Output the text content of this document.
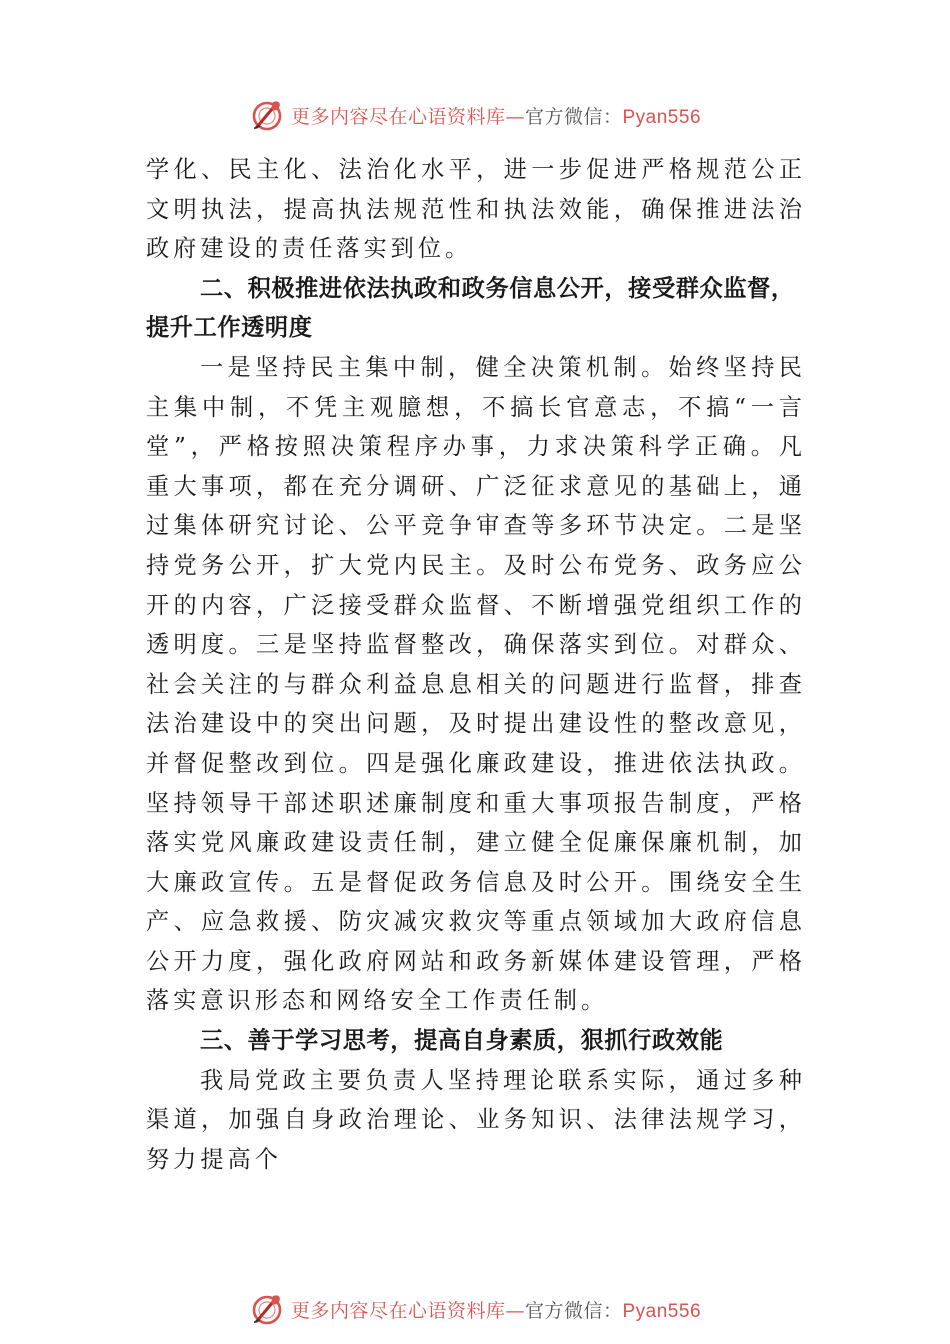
更多内容尽在心语资料库—官方微信：Pyan556

学化、民主化、法治化水平，进一步促进严格规范公正文明执法，提高执法规范性和执法效能，确保推进法治政府建设的责任落实到位。

二、积极推进依法执政和政务信息公开，接受群众监督，提升工作透明度

一是坚持民主集中制，健全决策机制。始终坚持民主集中制，不凭主观臆想，不搞长官意志，不搞“一言堂”，严格按照决策程序办事，力求决策科学正确。凡重大事项，都在充分调研、广泛征求意见的基础上，通过集体研究讨论、公平竞争审查等多环节决定。二是坚持党务公开，扩大党内民主。及时公布党务、政务应公开的内容，广泛接受群众监督、不断增强党组织工作的透明度。三是坚持监督整改，确保落实到位。对群众、社会关注的与群众利益息息相关的问题进行监督，排查法治建设中的突出问题，及时提出建设性的整改意见，并督促整改到位。四是强化廉政建设，推进依法执政。坚持领导干部述职述廉制度和重大事项报告制度，严格落实党风廉政建设责任制，建立健全促廉保廉机制，加大廉政宣传。五是督促政务信息及时公开。围绕安全生产、应急救援、防灾减灾救灾等重点领域加大政府信息公开力度，强化政府网站和政务新媒体建设管理，严格落实意识形态和网络安全工作责任制。

三、善于学习思考，提高自身素质，狠抓行政效能

我局党政主要负责人坚持理论联系实际，通过多种渠道，加强自身政治理论、业务知识、法律法规学习，努力提高个

更多内容尽在心语资料库—官方微信：Pyan556
